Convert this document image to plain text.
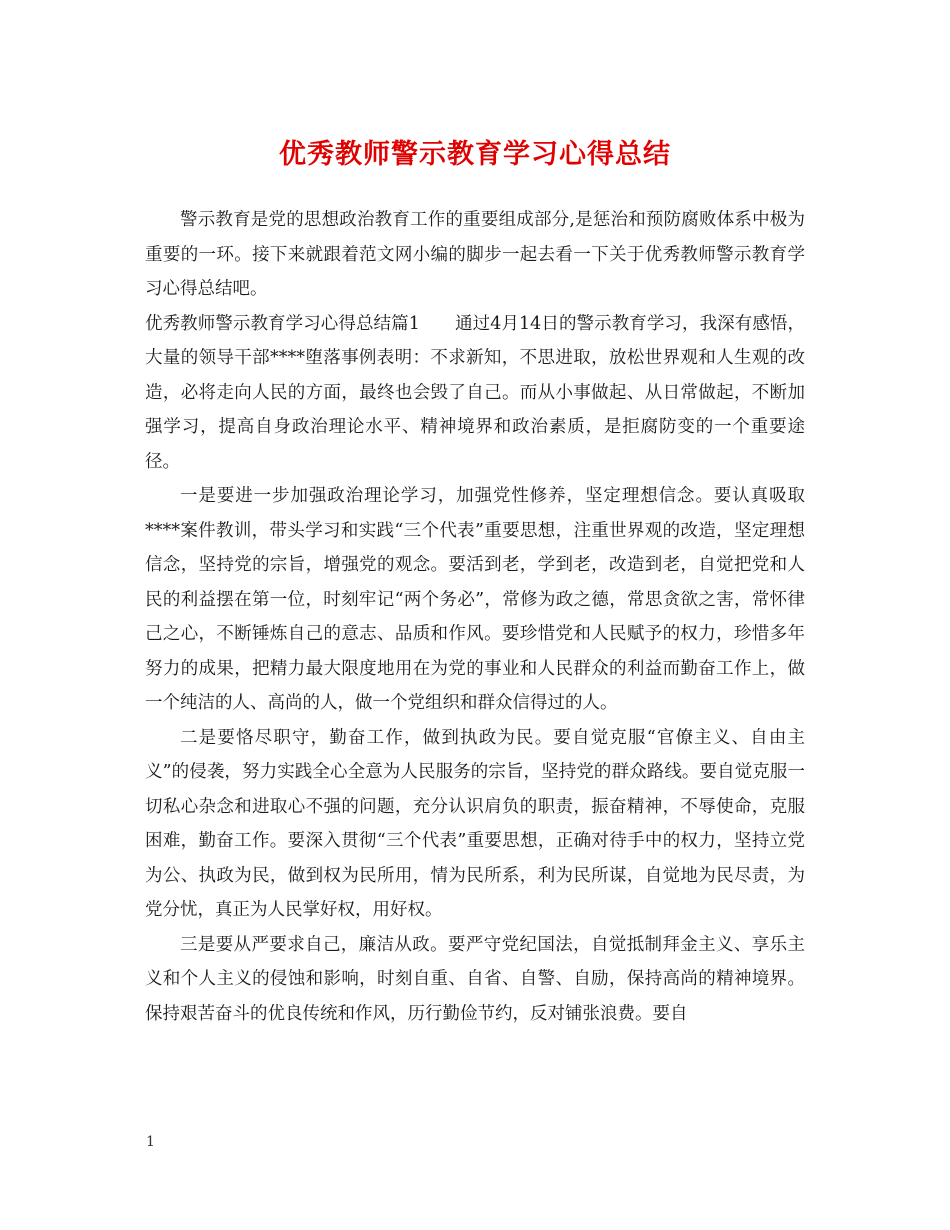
优秀教师警示教育学习心得总结

警示教育是党的思想政治教育工作的重要组成部分,是惩治和预防腐败体系中极为重要的一环。接下来就跟着范文网小编的脚步一起去看一下关于优秀教师警示教育学习心得总结吧。

优秀教师警示教育学习心得总结篇1　　通过4月14日的警示教育学习，我深有感悟，大量的领导干部****堕落事例表明：不求新知，不思进取，放松世界观和人生观的改造，必将走向人民的方面，最终也会毁了自己。而从小事做起、从日常做起，不断加强学习，提高自身政治理论水平、精神境界和政治素质，是拒腐防变的一个重要途径。

一是要进一步加强政治理论学习，加强党性修养，坚定理想信念。要认真吸取****案件教训，带头学习和实践“三个代表”重要思想，注重世界观的改造，坚定理想信念，坚持党的宗旨，增强党的观念。要活到老，学到老，改造到老，自觉把党和人民的利益摆在第一位，时刻牢记“两个务必”，常修为政之德，常思贪欲之害，常怀律己之心，不断锤炼自己的意志、品质和作风。要珍惜党和人民赋予的权力，珍惜多年努力的成果，把精力最大限度地用在为党的事业和人民群众的利益而勤奋工作上，做一个纯洁的人、高尚的人，做一个党组织和群众信得过的人。

二是要恪尽职守，勤奋工作，做到执政为民。要自觉克服“官僚主义、自由主义”的侵袭，努力实践全心全意为人民服务的宗旨，坚持党的群众路线。要自觉克服一切私心杂念和进取心不强的问题，充分认识肩负的职责，振奋精神，不辱使命，克服困难，勤奋工作。要深入贯彻“三个代表”重要思想，正确对待手中的权力，坚持立党为公、执政为民，做到权为民所用，情为民所系，利为民所谋，自觉地为民尽责，为党分忧，真正为人民掌好权，用好权。

三是要从严要求自己，廉洁从政。要严守党纪国法，自觉抵制拜金主义、享乐主义和个人主义的侵蚀和影响，时刻自重、自省、自警、自励，保持高尚的精神境界。保持艰苦奋斗的优良传统和作风，历行勤俭节约，反对铺张浪费。要自

1
